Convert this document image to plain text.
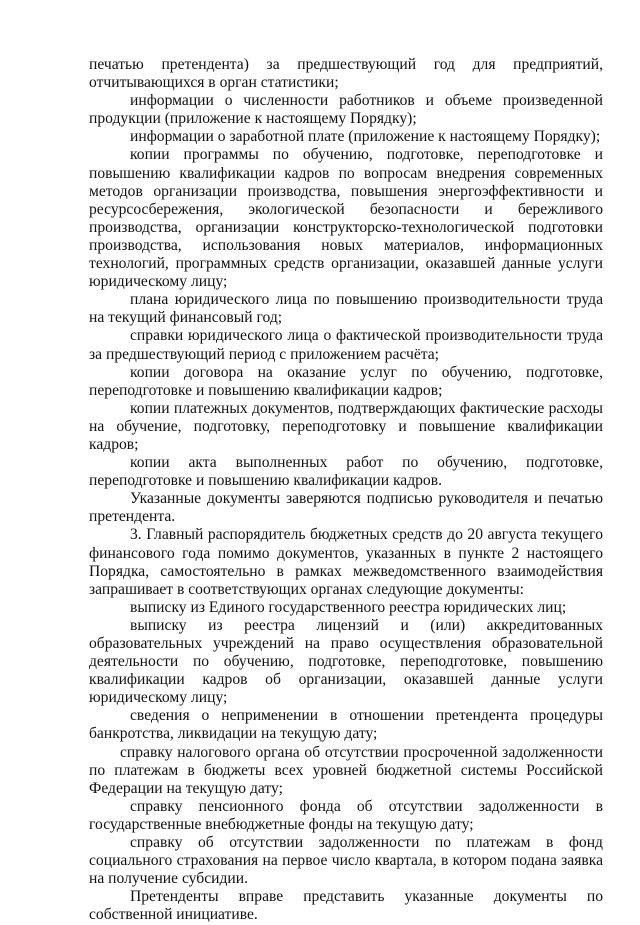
печатью претендента) за предшествующий год для предприятий, отчитывающихся в орган статистики;

информации о численности работников и объеме произведенной продукции (приложение к настоящему Порядку);

информации о заработной плате (приложение к настоящему Порядку);

копии программы по обучению, подготовке, переподготовке и повышению квалификации кадров по вопросам внедрения современных методов организации производства, повышения энергоэффективности и ресурсосбережения, экологической безопасности и бережливого производства, организации конструкторско-технологической подготовки производства, использования новых материалов, информационных технологий, программных средств организации, оказавшей данные услуги юридическому лицу;

плана юридического лица по повышению производительности труда на текущий финансовый год;

справки юридического лица о фактической производительности труда за предшествующий период с приложением расчёта;

копии договора на оказание услуг по обучению, подготовке, переподготовке и повышению квалификации кадров;

копии платежных документов, подтверждающих фактические расходы на обучение, подготовку, переподготовку и повышение квалификации кадров;

копии акта выполненных работ по обучению, подготовке, переподготовке и повышению квалификации кадров.

Указанные документы заверяются подписью руководителя и печатью претендента.

3. Главный распорядитель бюджетных средств до 20 августа текущего финансового года помимо документов, указанных в пункте 2 настоящего Порядка, самостоятельно в рамках межведомственного взаимодействия запрашивает в соответствующих органах следующие документы:

выписку из Единого государственного реестра юридических лиц;

выписку из реестра лицензий и (или) аккредитованных образовательных учреждений на право осуществления образовательной деятельности по обучению, подготовке, переподготовке, повышению квалификации кадров об организации, оказавшей данные услуги юридическому лицу;

сведения о неприменении в отношении претендента процедуры банкротства, ликвидации на текущую дату;

справку налогового органа об отсутствии просроченной задолженности по платежам в бюджеты всех уровней бюджетной системы Российской Федерации на текущую дату;

справку пенсионного фонда об отсутствии задолженности в государственные внебюджетные фонды на текущую дату;

справку об отсутствии задолженности по платежам в фонд социального страхования на первое число квартала, в котором подана заявка на получение субсидии.

Претенденты вправе представить указанные документы по собственной инициативе.
